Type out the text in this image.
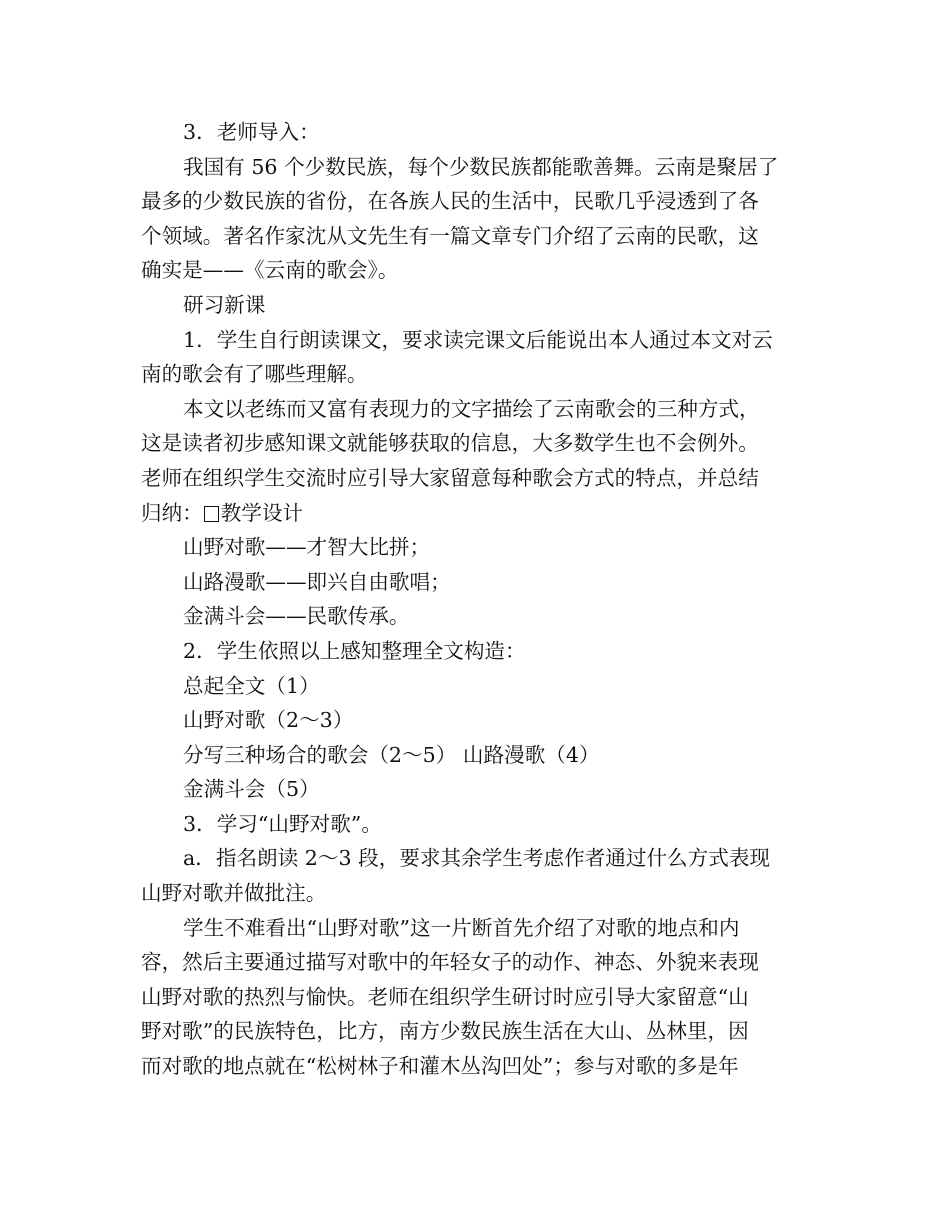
3．老师导入：

我国有 56 个少数民族，每个少数民族都能歌善舞。云南是聚居了

最多的少数民族的省份，在各族人民的生活中，民歌几乎浸透到了各

个领域。著名作家沈从文先生有一篇文章专门介绍了云南的民歌，这

确实是——《云南的歌会》。

研习新课

1．学生自行朗读课文，要求读完课文后能说出本人通过本文对云

南的歌会有了哪些理解。

本文以老练而又富有表现力的文字描绘了云南歌会的三种方式，

这是读者初步感知课文就能够获取的信息，大多数学生也不会例外。

老师在组织学生交流时应引导大家留意每种歌会方式的特点，并总结

归纳： 教学设计

山野对歌——才智大比拼；

山路漫歌——即兴自由歌唱；

金满斗会——民歌传承。

2．学生依照以上感知整理全文构造：

总起全文（1）

山野对歌（2～3）

分写三种场合的歌会（2～5） 山路漫歌（4）

金满斗会（5）

3．学习“山野对歌”。

a．指名朗读 2～3 段，要求其余学生考虑作者通过什么方式表现

山野对歌并做批注。

学生不难看出“山野对歌”这一片断首先介绍了对歌的地点和内

容，然后主要通过描写对歌中的年轻女子的动作、神态、外貌来表现

山野对歌的热烈与愉快。老师在组织学生研讨时应引导大家留意“山

野对歌”的民族特色，比方，南方少数民族生活在大山、丛林里，因

而对歌的地点就在“松树林子和灌木丛沟凹处”；参与对歌的多是年
